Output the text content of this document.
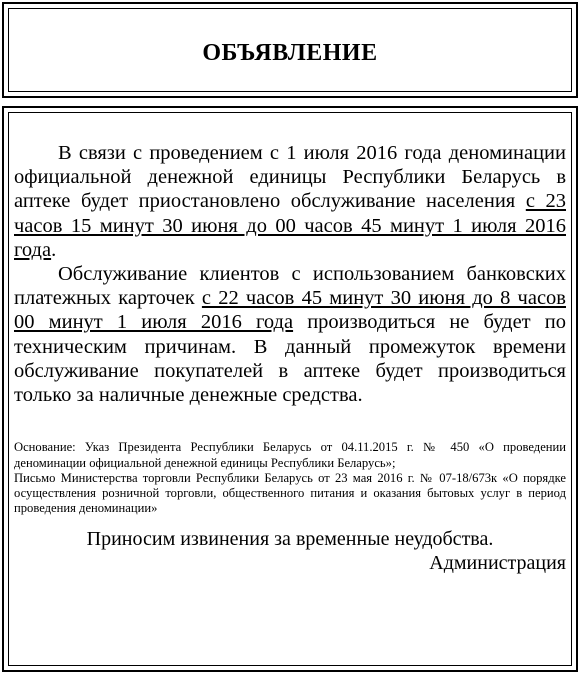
ОБЪЯВЛЕНИЕ

В связи с проведением с 1 июля 2016 года деноминации официальной денежной единицы Республики Беларусь в аптеке будет приостановлено обслуживание населения с 23 часов 15 минут 30 июня до 00 часов 45 минут 1 июля 2016 года.

Обслуживание клиентов с использованием банковских платежных карточек с 22 часов 45 минут 30 июня до 8 часов 00 минут 1 июля 2016 года производиться не будет по техническим причинам. В данный промежуток времени обслуживание покупателей в аптеке будет производиться только за наличные денежные средства.

Основание: Указ Президента Республики Беларусь от 04.11.2015 г. № 450 «О проведении деноминации официальной денежной единицы Республики Беларусь»;

Письмо Министерства торговли Республики Беларусь от 23 мая 2016 г. № 07-18/673к «О порядке осуществления розничной торговли, общественного питания и оказания бытовых услуг в период проведения деноминации»

Приносим извинения за временные неудобства.

Администрация
